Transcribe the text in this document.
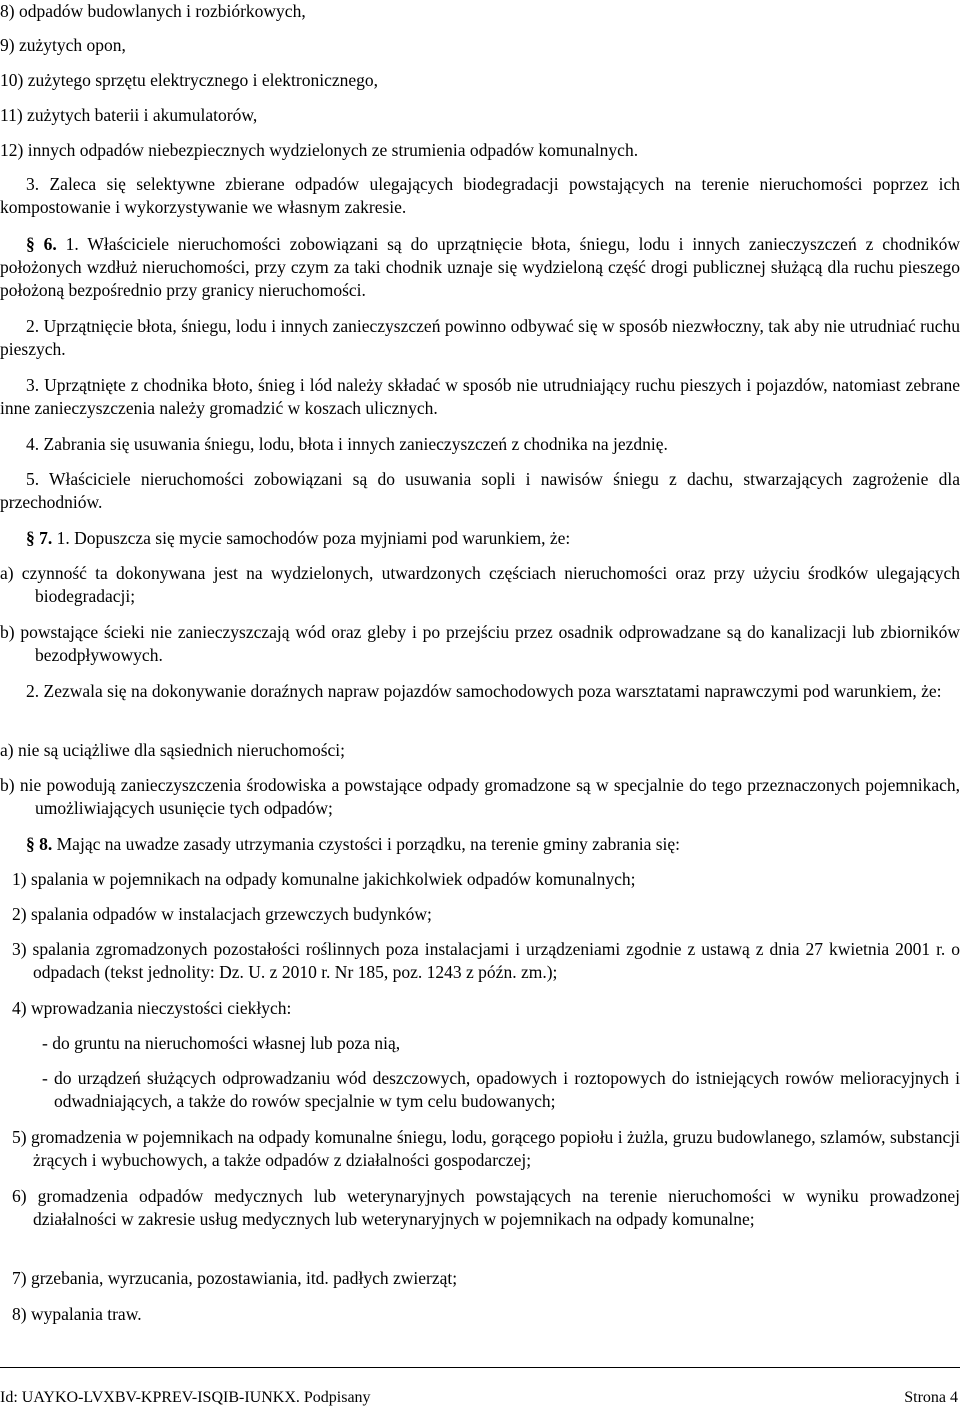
8) odpadów budowlanych i rozbiórkowych,

9) zużytych opon,

10) zużytego sprzętu elektrycznego i elektronicznego,

11) zużytych baterii i akumulatorów,

12) innych odpadów niebezpiecznych wydzielonych ze strumienia odpadów komunalnych.

3. Zaleca się selektywne zbierane odpadów ulegających biodegradacji powstających na terenie nieruchomości poprzez ich kompostowanie i wykorzystywanie we własnym zakresie.

§ 6. 1. Właściciele nieruchomości zobowiązani są do uprzątnięcie błota, śniegu, lodu i innych zanieczyszczeń z chodników położonych wzdłuż nieruchomości, przy czym za taki chodnik uznaje się wydzieloną część drogi publicznej służącą dla ruchu pieszego położoną bezpośrednio przy granicy nieruchomości.

2. Uprzątnięcie błota, śniegu, lodu i innych zanieczyszczeń powinno odbywać się w sposób niezwłoczny, tak aby nie utrudniać ruchu pieszych.

3. Uprzątnięte z chodnika błoto, śnieg i lód należy składać w sposób nie utrudniający ruchu pieszych i pojazdów, natomiast zebrane inne zanieczyszczenia należy gromadzić w koszach ulicznych.

4. Zabrania się usuwania śniegu, lodu, błota i innych zanieczyszczeń z chodnika na jezdnię.

5. Właściciele nieruchomości zobowiązani są do usuwania sopli i nawisów śniegu z dachu, stwarzających zagrożenie dla przechodniów.

§ 7. 1. Dopuszcza się mycie samochodów poza myjniami pod warunkiem, że:

a) czynność ta dokonywana jest na wydzielonych, utwardzonych częściach nieruchomości oraz przy użyciu środków ulegających biodegradacji;

b) powstające ścieki nie zanieczyszczają wód oraz gleby i po przejściu przez osadnik odprowadzane są do kanalizacji lub zbiorników bezodpływowych.

2. Zezwala się na dokonywanie doraźnych napraw pojazdów samochodowych poza warsztatami naprawczymi pod warunkiem, że:

a) nie są uciążliwe dla sąsiednich nieruchomości;

b) nie powodują zanieczyszczenia środowiska a powstające odpady gromadzone są w specjalnie do tego przeznaczonych pojemnikach, umożliwiających usunięcie tych odpadów;

§ 8. Mając na uwadze zasady utrzymania czystości i porządku, na terenie gminy zabrania się:

1) spalania w pojemnikach na odpady komunalne jakichkolwiek odpadów komunalnych;

2) spalania odpadów w instalacjach grzewczych budynków;

3) spalania zgromadzonych pozostałości roślinnych poza instalacjami i urządzeniami zgodnie z ustawą z dnia 27 kwietnia 2001 r. o odpadach (tekst jednolity: Dz. U. z 2010 r. Nr 185, poz. 1243 z późn. zm.);

4) wprowadzania nieczystości ciekłych:

- do gruntu na nieruchomości własnej lub poza nią,

- do urządzeń służących odprowadzaniu wód deszczowych, opadowych i roztopowych do istniejących rowów melioracyjnych i odwadniających, a także do rowów specjalnie w tym celu budowanych;

5) gromadzenia w pojemnikach na odpady komunalne śniegu, lodu, gorącego popiołu i żużla, gruzu budowlanego, szlamów, substancji żrących i wybuchowych, a także odpadów z działalności gospodarczej;

6) gromadzenia odpadów medycznych lub weterynaryjnych powstających na terenie nieruchomości w wyniku prowadzonej działalności w zakresie usług medycznych lub weterynaryjnych w pojemnikach na odpady komunalne;

7) grzebania, wyrzucania, pozostawiania, itd. padłych zwierząt;

8) wypalania traw.

Id: UAYKO-LVXBV-KPREV-ISQIB-IUNKX. Podpisany	Strona 4
